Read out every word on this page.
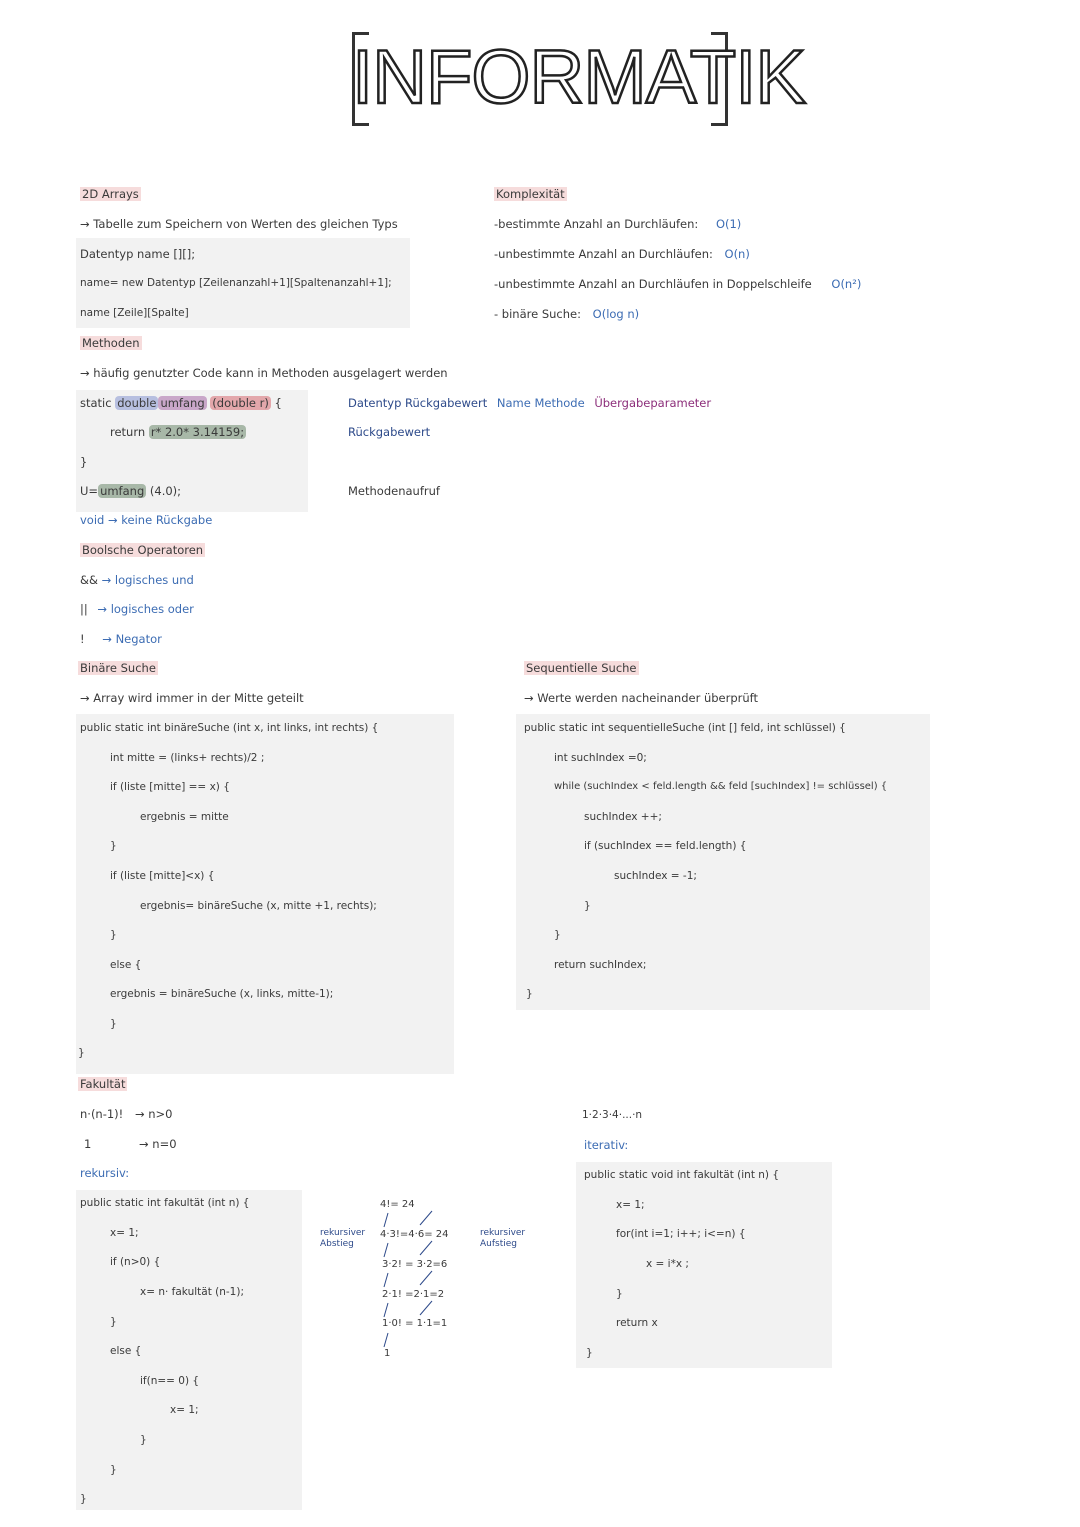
INFORMATIK
2D Arrays
→ Tabelle zum Speichern von Werten des gleichen Typs
Datentyp name [][];
name= new Datentyp [Zeilenanzahl+1][Spaltenanzahl+1];
name [Zeile][Spalte]
Komplexität
-bestimmte Anzahl an Durchläufen: O(1)
-unbestimmte Anzahl an Durchläufen: O(n)
-unbestimmte Anzahl an Durchläufen in Doppelschleife O(n²)
- binäre Suche: O(log n)
Methoden
→ häufig genutzter Code kann in Methoden ausgelagert werden
static double umfang (double r) {
return r* 2.0* 3.14159;
}
U= umfang (4.0);
Datentyp Rückgabewert Name Methode Übergabeparameter
Rückgabewert
Methodenaufruf
void → keine Rückgabe
Boolsche Operatoren
&& → logisches und
|| → logisches oder
! → Negator
Binäre Suche
→ Array wird immer in der Mitte geteilt
public static int binäreSuche (int x, int links, int rechts) {
int mitte = (links+ rechts)/2 ;
if (liste [mitte] == x) {
ergebnis = mitte
}
if (liste [mitte]<x) {
ergebnis= binäreSuche (x, mitte +1, rechts);
}
else {
ergebnis = binäreSuche (x, links, mitte-1);
}
}
Sequentielle Suche
→ Werte werden nacheinander überprüft
public static int sequentielleSuche (int [] feld, int schlüssel) {
int suchIndex =0;
while (suchIndex < feld.length && feld [suchIndex] != schlüssel) {
suchIndex ++;
if (suchIndex == feld.length) {
suchIndex = -1;
}
}
return suchIndex;
}
Fakultät
n·(n-1)! → n>0
1	→ n=0
rekursiv:
public static int fakultät (int n) {
x= 1;
if (n>0) {
x= n· fakultät (n-1);
}
else {
if(n== 0) {
x= 1;
}
}
}
4!= 24
4·3!=4·6= 24
3·2! = 3·2=6
2·1! =2·1=2
1·0! = 1·1=1
1
rekursiver Abstieg
rekursiver Aufstieg
1·2·3·4·...·n
iterativ:
public static void int fakultät (int n) {
x= 1;
for(int i=1; i++; i<=n) {
x = i*x ;
}
return x
}
